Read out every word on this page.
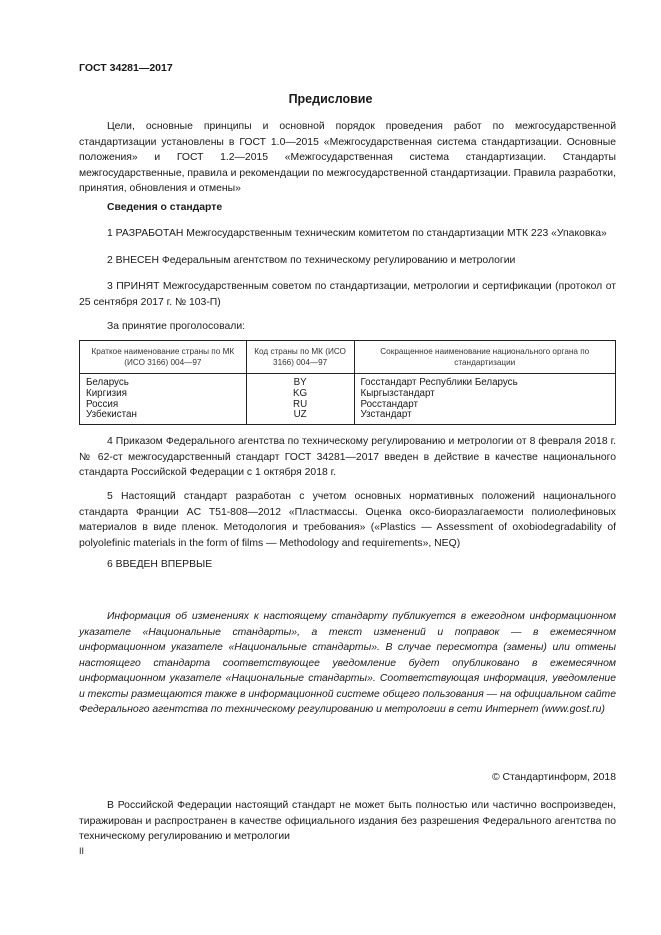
ГОСТ 34281—2017
Предисловие
Цели, основные принципы и основной порядок проведения работ по межгосударственной стандартизации установлены в ГОСТ 1.0—2015 «Межгосударственная система стандартизации. Основные положения» и ГОСТ 1.2—2015 «Межгосударственная система стандартизации. Стандарты межгосударственные, правила и рекомендации по межгосударственной стандартизации. Правила разработки, принятия, обновления и отмены»
Сведения о стандарте
1 РАЗРАБОТАН Межгосударственным техническим комитетом по стандартизации МТК 223 «Упаковка»
2 ВНЕСЕН Федеральным агентством по техническому регулированию и метрологии
3 ПРИНЯТ Межгосударственным советом по стандартизации, метрологии и сертификации (протокол от 25 сентября 2017 г. № 103-П)
За принятие проголосовали:
Краткое наименование страны по МК (ИСО 3166) 004—97	Код страны по МК (ИСО 3166) 004—97	Сокращенное наименование национального органа по стандартизации
Беларусь	BY	Госстандарт Республики Беларусь
Киргизия	KG	Кыргызстандарт
Россия	RU	Росстандарт
Узбекистан	UZ	Узстандарт
4 Приказом Федерального агентства по техническому регулированию и метрологии от 8 февраля 2018 г. № 62-ст межгосударственный стандарт ГОСТ 34281—2017 введен в действие в качестве национального стандарта Российской Федерации с 1 октября 2018 г.
5 Настоящий стандарт разработан с учетом основных нормативных положений национального стандарта Франции AC T51-808—2012 «Пластмассы. Оценка оксо-биоразлагаемости полиолефиновых материалов в виде пленок. Методология и требования» («Plastics — Assessment of oxobiodegradability of polyolefinic materials in the form of films — Methodology and requirements», NEQ)
6 ВВЕДЕН ВПЕРВЫЕ
Информация об изменениях к настоящему стандарту публикуется в ежегодном информационном указателе «Национальные стандарты», а текст изменений и поправок — в ежемесячном информационном указателе «Национальные стандарты». В случае пересмотра (замены) или отмены настоящего стандарта соответствующее уведомление будет опубликовано в ежемесячном информационном указателе «Национальные стандарты». Соответствующая информация, уведомление и тексты размещаются также в информационной системе общего пользования — на официальном сайте Федерального агентства по техническому регулированию и метрологии в сети Интернет (www.gost.ru)
© Стандартинформ, 2018
В Российской Федерации настоящий стандарт не может быть полностью или частично воспроизведен, тиражирован и распространен в качестве официального издания без разрешения Федерального агентства по техническому регулированию и метрологии
II
